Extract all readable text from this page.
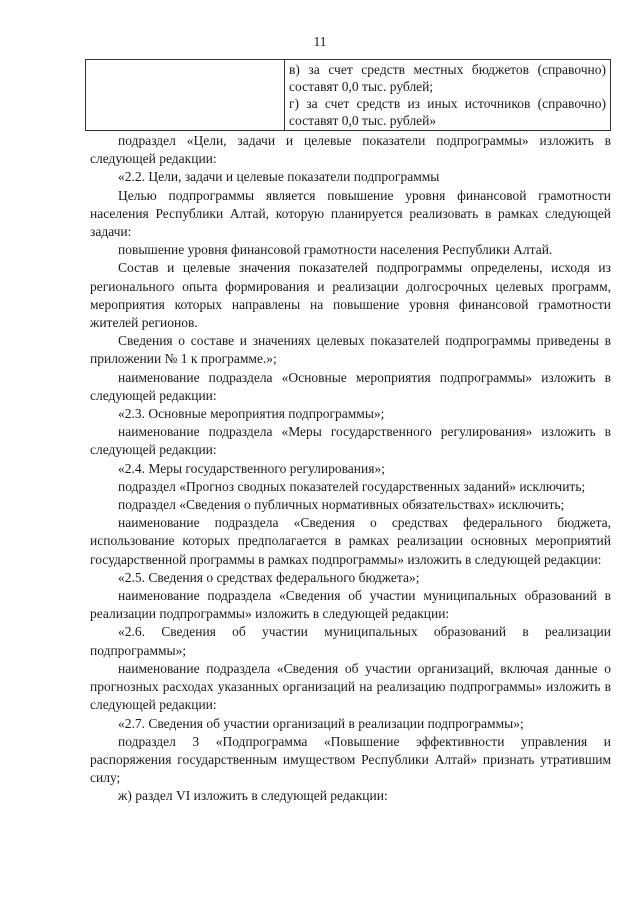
11

в) за счет средств местных бюджетов (справочно) составят 0,0 тыс. рублей;

г) за счет средств из иных источников (справочно) составят 0,0 тыс. рублей»

подраздел «Цели, задачи и целевые показатели подпрограммы» изложить в следующей редакции:

«2.2. Цели, задачи и целевые показатели подпрограммы

Целью подпрограммы является повышение уровня финансовой грамотности населения Республики Алтай, которую планируется реализовать в рамках следующей задачи:

повышение уровня финансовой грамотности населения Республики Алтай.

Состав и целевые значения показателей подпрограммы определены, исходя из регионального опыта формирования и реализации долгосрочных целевых программ, мероприятия которых направлены на повышение уровня финансовой грамотности жителей регионов.

Сведения о составе и значениях целевых показателей подпрограммы приведены в приложении № 1 к программе.»;

наименование подраздела «Основные мероприятия подпрограммы» изложить в следующей редакции:

«2.3. Основные мероприятия подпрограммы»;

наименование подраздела «Меры государственного регулирования» изложить в следующей редакции:

«2.4. Меры государственного регулирования»;

подраздел «Прогноз сводных показателей государственных заданий» исключить;

подраздел «Сведения о публичных нормативных обязательствах» исключить;

наименование подраздела «Сведения о средствах федерального бюджета, использование которых предполагается в рамках реализации основных мероприятий государственной программы в рамках подпрограммы» изложить в следующей редакции:

«2.5. Сведения о средствах федерального бюджета»;

наименование подраздела «Сведения об участии муниципальных образований в реализации подпрограммы» изложить в следующей редакции:

«2.6. Сведения об участии муниципальных образований в реализации подпрограммы»;

наименование подраздела «Сведения об участии организаций, включая данные о прогнозных расходах указанных организаций на реализацию подпрограммы» изложить в следующей редакции:

«2.7. Сведения об участии организаций в реализации подпрограммы»;

подраздел 3 «Подпрограмма «Повышение эффективности управления и распоряжения государственным имуществом Республики Алтай» признать утратившим силу;

ж) раздел VI изложить в следующей редакции:
